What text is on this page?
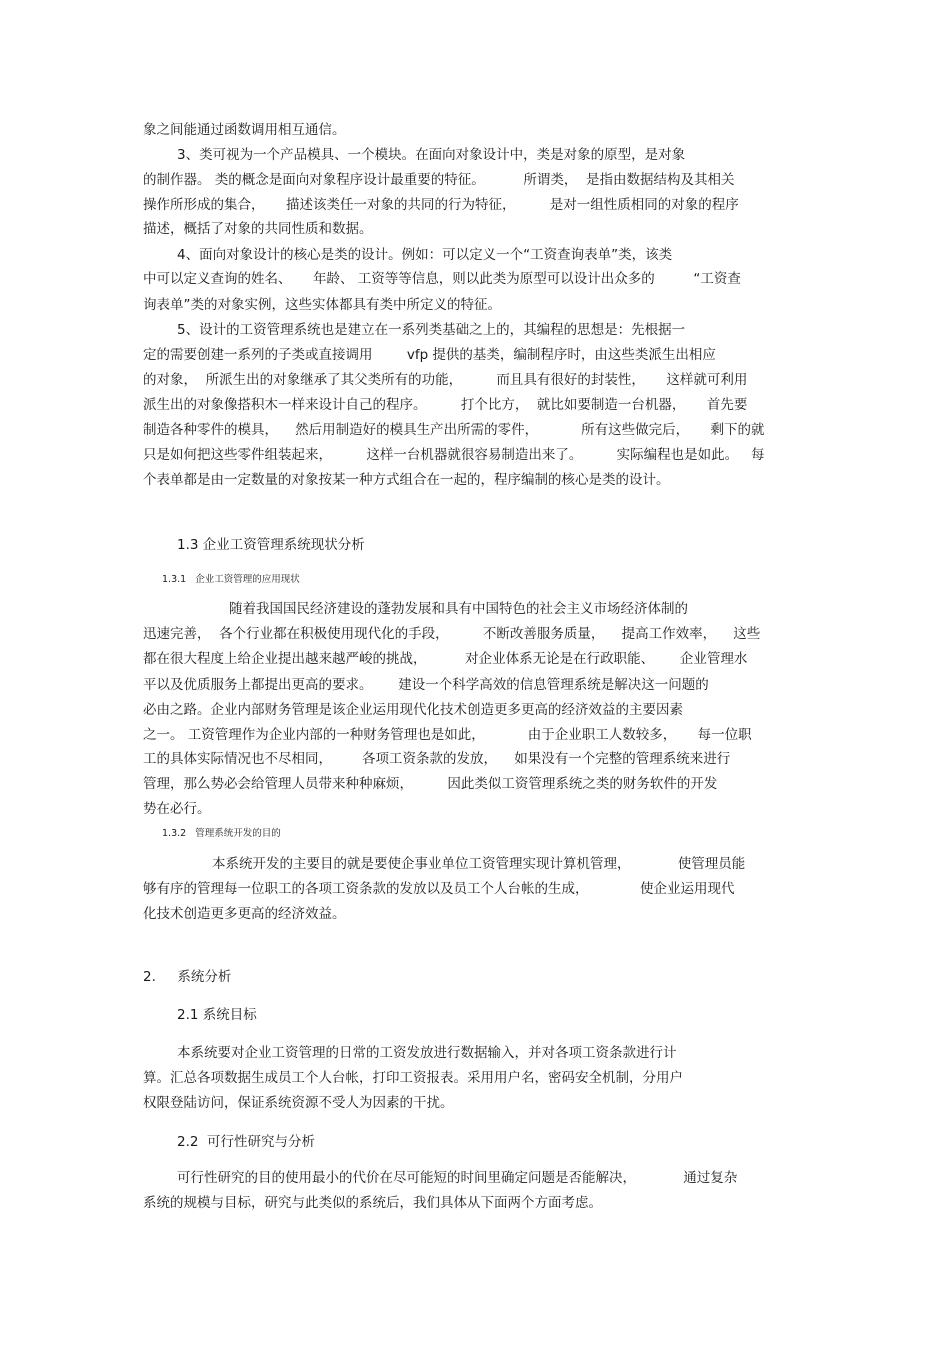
象之间能通过函数调用相互通信。
3、类可视为一个产品模具、一个模块。在面向对象设计中，类是对象的原型，是对象
的制作器。 类的概念是面向对象程序设计最重要的特征。         所谓类，  是指由数据结构及其相关
操作所形成的集合，     描述该类任一对象的共同的行为特征，        是对一组性质相同的对象的程序
描述，概括了对象的共同性质和数据。
4、面向对象设计的核心是类的设计。例如：可以定义一个“工资查询表单”类，该类
中可以定义查询的姓名、     年龄、 工资等等信息，则以此类为原型可以设计出众多的         “工资查
询表单”类的对象实例，这些实体都具有类中所定义的特征。
5、设计的工资管理系统也是建立在一系列类基础之上的，其编程的思想是：先根据一
定的需要创建一系列的子类或直接调用        vfp 提供的基类，编制程序时，由这些类派生出相应
的对象，  所派生出的对象继承了其父类所有的功能，        而且具有很好的封装性，     这样就可利用
派生出的对象像搭积木一样来设计自己的程序。        打个比方，  就比如要制造一台机器，     首先要
制造各种零件的模具，    然后用制造好的模具生产出所需的零件，          所有这些做完后，     剩下的就
只是如何把这些零件组装起来，        这样一台机器就很容易制造出来了。        实际编程也是如此。   每
个表单都是由一定数量的对象按某一种方式组合在一起的，程序编制的核心是类的设计。
1.3 企业工资管理系统现状分析
1.3.1   企业工资管理的应用现状
随着我国国民经济建设的蓬勃发展和具有中国特色的社会主义市场经济体制的
迅速完善，  各个行业都在积极使用现代化的手段，        不断改善服务质量，    提高工作效率，    这些
都在很大程度上给企业提出越来越严峻的挑战，         对企业体系无论是在行政职能、      企业管理水
平以及优质服务上都提出更高的要求。      建设一个科学高效的信息管理系统是解决这一问题的
必由之路。企业内部财务管理是该企业运用现代化技术创造更多更高的经济效益的主要因素
之一。 工资管理作为企业内部的一种财务管理也是如此，          由于企业职工人数较多，     每一位职
工的具体实际情况也不尽相同，       各项工资条款的发放，    如果没有一个完整的管理系统来进行
管理，那么势必会给管理人员带来种种麻烦，        因此类似工资管理系统之类的财务软件的开发
势在必行。
1.3.2   管理系统开发的目的
本系统开发的主要目的就是要使企事业单位工资管理实现计算机管理，           使管理员能
够有序的管理每一位职工的各项工资条款的发放以及员工个人台帐的生成，            使企业运用现代
化技术创造更多更高的经济效益。
2.     系统分析
2.1 系统目标
本系统要对企业工资管理的日常的工资发放进行数据输入，并对各项工资条款进行计
算。汇总各项数据生成员工个人台帐，打印工资报表。采用用户名，密码安全机制，分用户
权限登陆访问，保证系统资源不受人为因素的干扰。
2.2  可行性研究与分析
可行性研究的目的使用最小的代价在尽可能短的时间里确定问题是否能解决，           通过复杂
系统的规模与目标，研究与此类似的系统后，我们具体从下面两个方面考虑。
